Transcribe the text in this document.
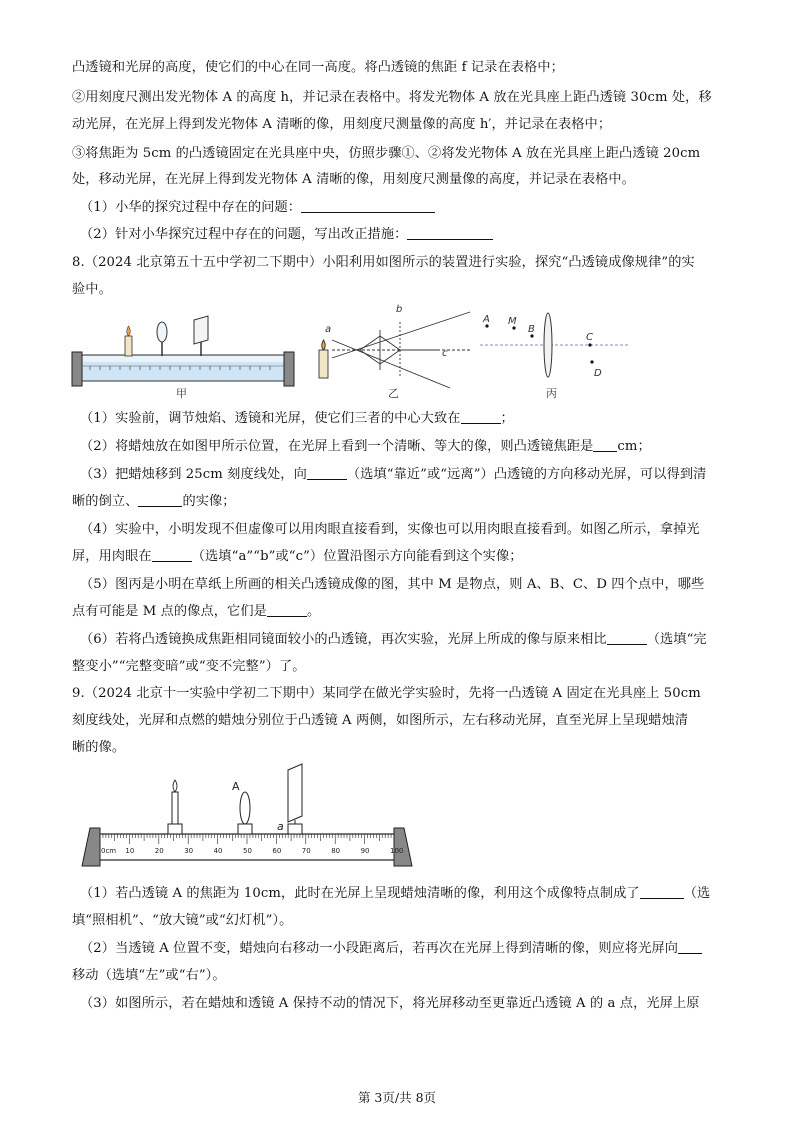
凸透镜和光屏的高度，使它们的中心在同一高度。将凸透镜的焦距 f 记录在表格中；
②用刻度尺测出发光物体 A 的高度 h，并记录在表格中。将发光物体 A 放在光具座上距凸透镜 30cm 处，移
动光屏，在光屏上得到发光物体 A 清晰的像，用刻度尺测量像的高度 h′，并记录在表格中；
③将焦距为 5cm 的凸透镜固定在光具座中央，仿照步骤①、②将发光物体 A 放在光具座上距凸透镜 20cm
处，移动光屏，在光屏上得到发光物体 A 清晰的像，用刻度尺测量像的高度，并记录在表格中。
（1）小华的探究过程中存在的问题：
（2）针对小华探究过程中存在的问题，写出改正措施：
8.（2024 北京第五十五中学初二下期中）小阳利用如图所示的装置进行实验，探究“凸透镜成像规律”的实
验中。
甲
a
b
c
乙
A M
B
C
D
丙
（1）实验前，调节烛焰、透镜和光屏，使它们三者的中心大致在	；
（2）将蜡烛放在如图甲所示位置，在光屏上看到一个清晰、等大的像，则凸透镜焦距是 cm；
（3）把蜡烛移到 25cm 刻度线处，向	（选填“靠近”或“远离”）凸透镜的方向移动光屏，可以得到清
晰的倒立、	的实像；
（4）实验中，小明发现不但虚像可以用肉眼直接看到，实像也可以用肉眼直接看到。如图乙所示，拿掉光
屏，用肉眼在	（选填“a”“b”或“c”）位置沿图示方向能看到这个实像；
（5）图丙是小明在草纸上所画的相关凸透镜成像的图，其中 M 是物点，则 A、B、C、D 四个点中，哪些
点有可能是 M 点的像点，它们是	。
（6）若将凸透镜换成焦距相同镜面较小的凸透镜，再次实验，光屏上所成的像与原来相比	（选填“完
整变小”“完整变暗”或“变不完整”）了。
9.（2024 北京十一实验中学初二下期中）某同学在做光学实验时，先将一凸透镜 A 固定在光具座上 50cm
刻度线处，光屏和点燃的蜡烛分别位于凸透镜 A 两侧，如图所示，左右移动光屏，直至光屏上呈现蜡烛清
晰的像。
0cm 10	20	30	40	50	60	70	80	90	100
A
a
（1）若凸透镜 A 的焦距为 10cm，此时在光屏上呈现蜡烛清晰的像，利用这个成像特点制成了	（选
填“照相机”、“放大镜”或“幻灯机”）。
（2）当透镜 A 位置不变，蜡烛向右移动一小段距离后，若再次在光屏上得到清晰的像，则应将光屏向
移动（选填“左”或“右”）。
（3）如图所示，若在蜡烛和透镜 A 保持不动的情况下，将光屏移动至更靠近凸透镜 A 的 a 点，光屏上原
第 3页/共 8页
